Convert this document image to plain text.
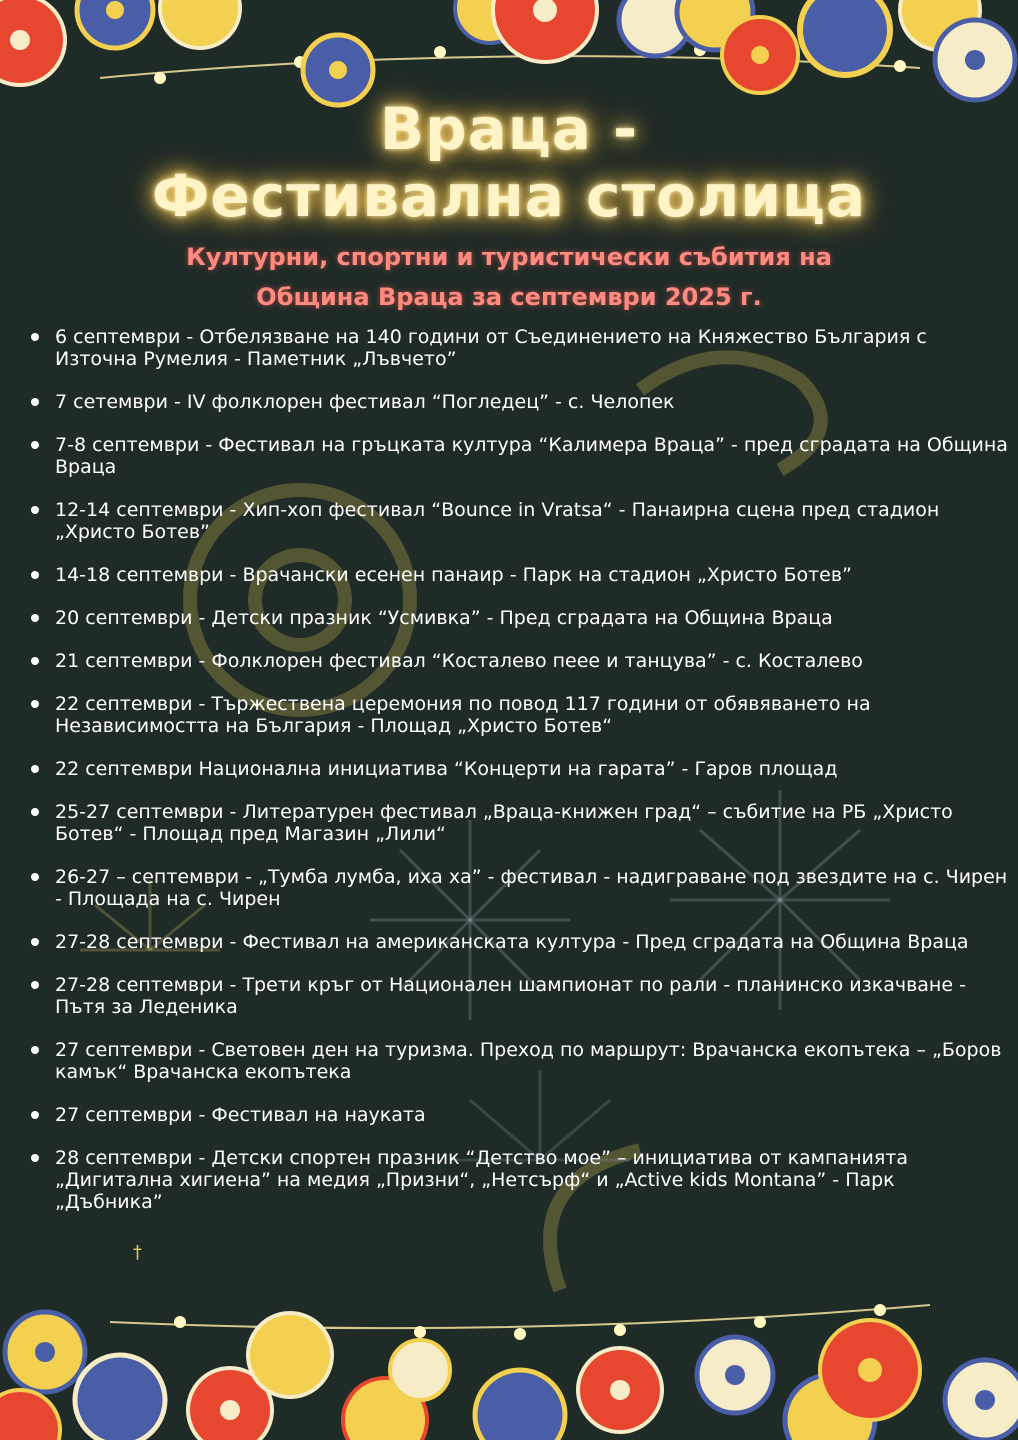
Враца -
Фестивална столица
Културни, спортни и туристически събития на
Община Враца за септември 2025 г.
6 септември - Отбелязване на 140 години от Съединението на Княжество България с Източна Румелия - Паметник „Лъвчето”
7 сетември - IV фолклорен фестивал “Погледец” - с. Челопек
7-8 септември - Фестивал на гръцката култура “Калимера Враца” - пред сградата на Община Враца
12-14 септември - Хип-хоп фестивал “Bounce in Vratsa“ - Панаирна сцена пред стадион „Христо Ботев”
14-18 септември - Врачански есенен панаир - Парк на стадион „Христо Ботев”
20 септември - Детски празник “Усмивка” - Пред сградата на Община Враца
21 септември - Фолклорен фестивал “Косталево пеее и танцува” - с. Косталево
22 септември - Тържествена церемония по повод 117 години от обявяването на Независимостта на България - Площад „Христо Ботев“
22 септември Национална инициатива “Концерти на гарата” - Гаров площад
25-27 септември - Литературен фестивал „Враца-книжен град“ – събитие на РБ „Христо Ботев“ - Площад пред Магазин „Лили“
26-27 – септември - „Тумба лумба, иха ха” - фестивал - надиграване под звездите на с. Чирен - Площада на с. Чирен
27-28 септември - Фестивал на американската култура - Пред сградата на Община Враца
27-28 септември - Трети кръг от Национален шампионат по рали - планинско изкачване - Пътя за Леденика
27 септември - Световен ден на туризма. Преход по маршрут: Врачанска екопътека – „Боров камък“ Врачанска екопътека
27 септември - Фестивал на науката
28 септември - Детски спортен празник “Детство мое” – инициатива от кампанията „Дигитална хигиена” на медия „Призни“, „Нетсърф“ и „Active kids Montana” - Парк „Дъбника”
†
